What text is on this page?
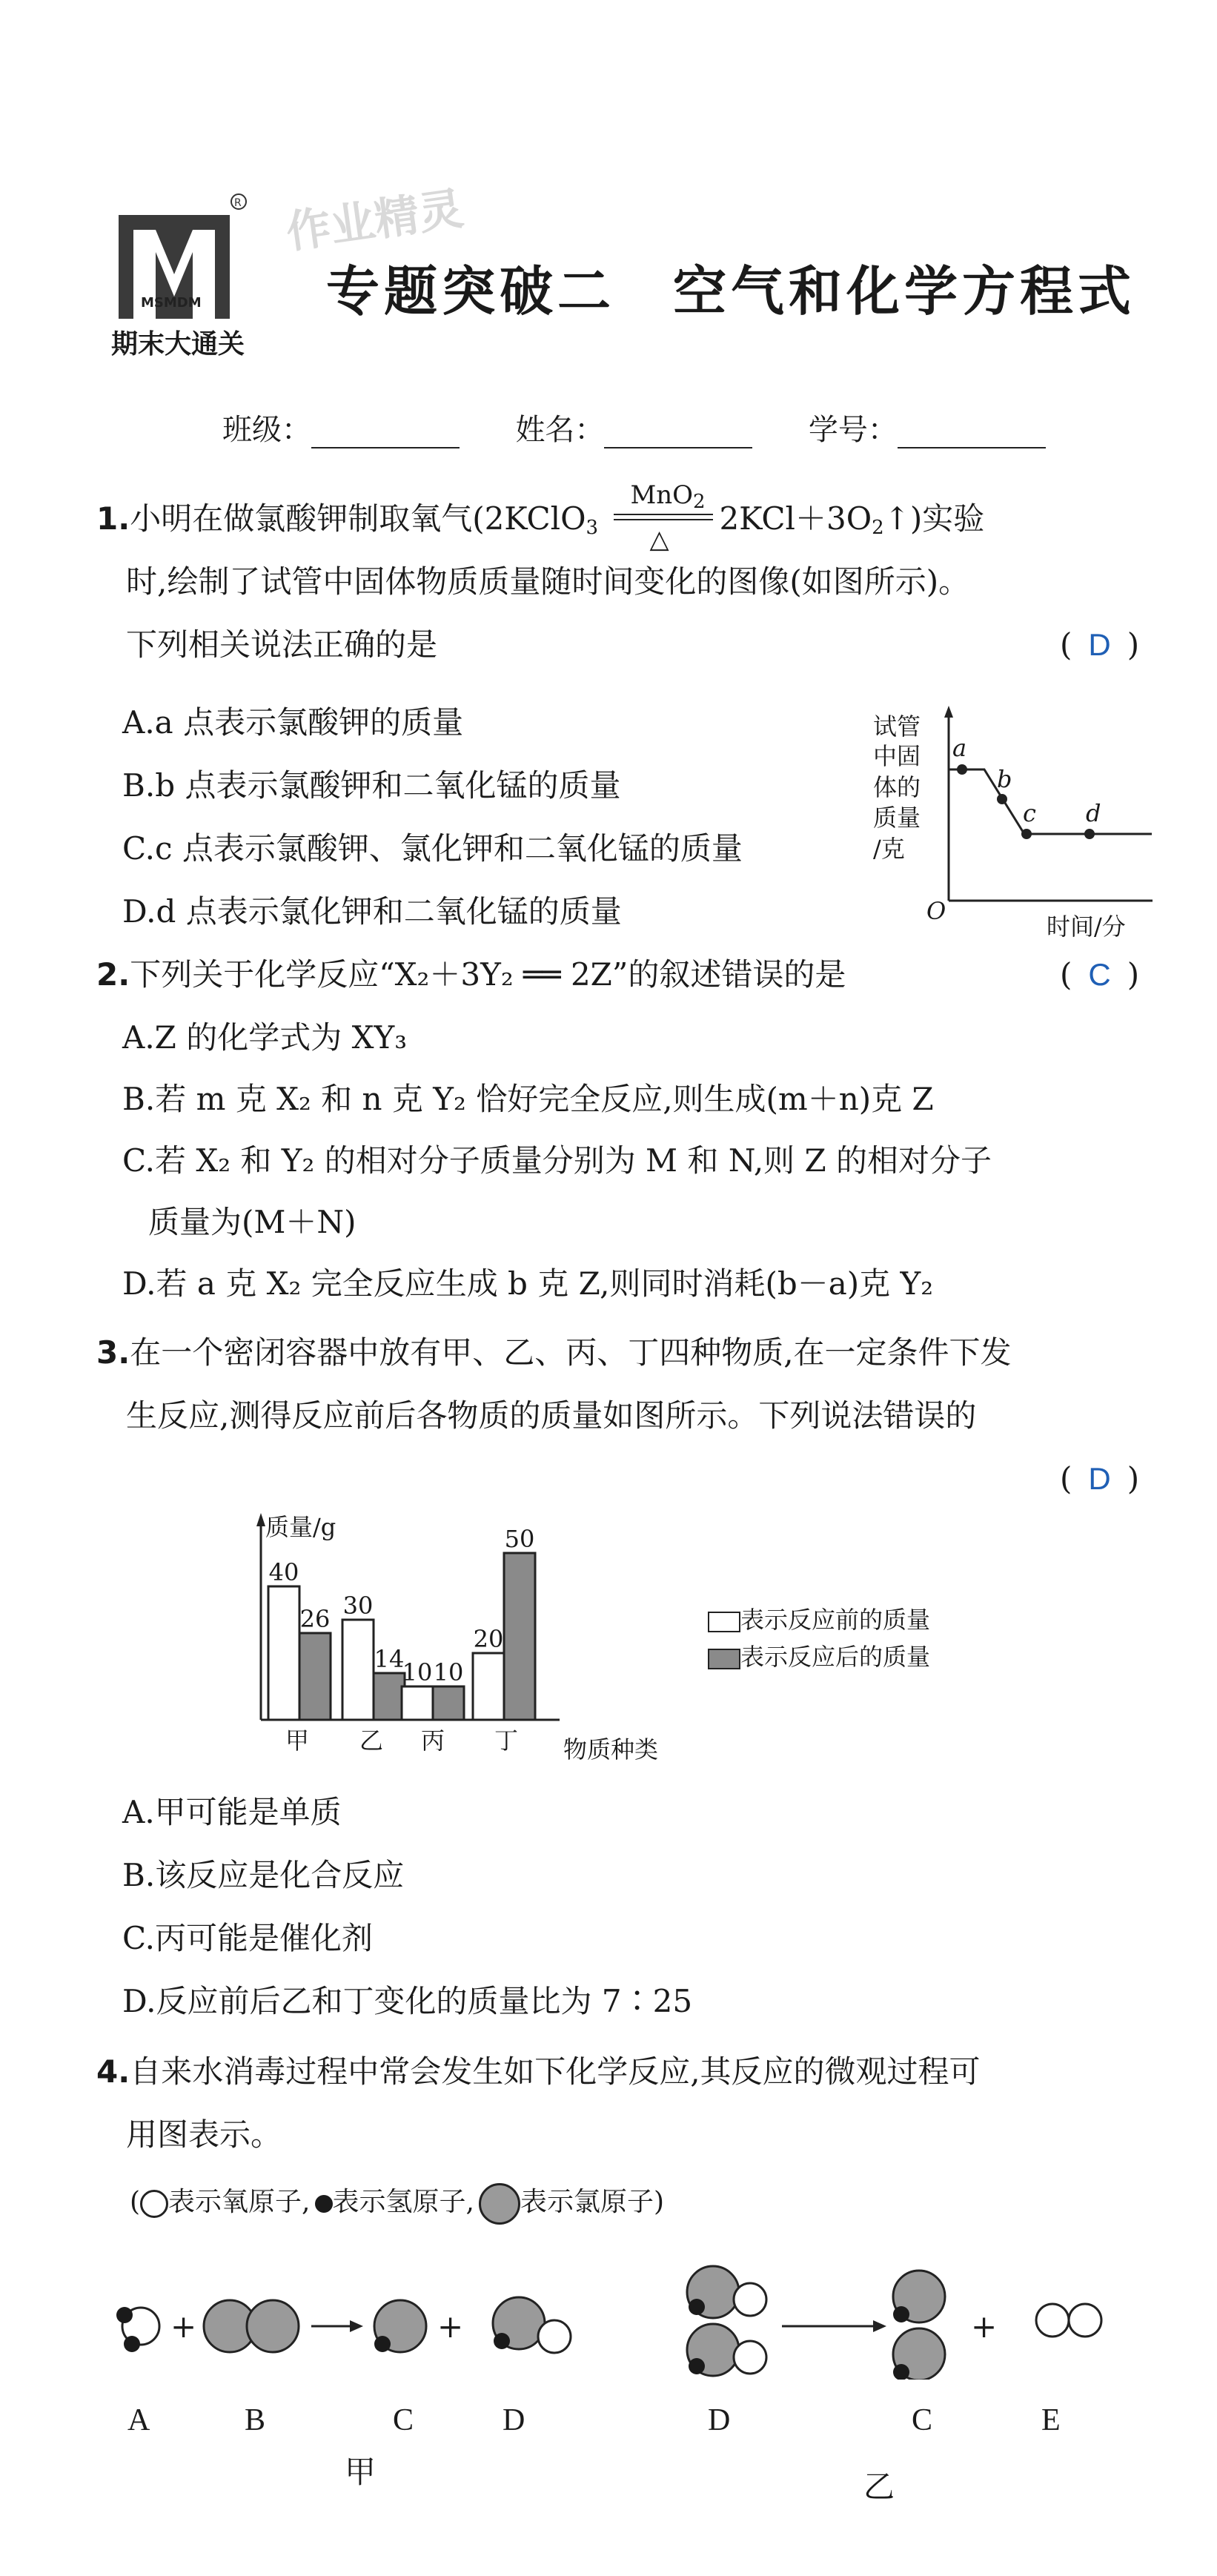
R
MSMDM
期末大通关
作业精灵
专题突破二　空气和化学方程式
班级：	姓名：	学号：
1.小明在做氯酸钾制取氧气(2KClO$_3$
MnO$_2$
△
$2KCl+3O_2↑$)实验
时,绘制了试管中固体物质质量随时间变化的图像(如图所示)。
下列相关说法正确的是	( D )
A.a 点表示氯酸钾的质量
B.b 点表示氯酸钾和二氧化锰的质量
C.c 点表示氯酸钾、氯化钾和二氧化锰的质量
D.d 点表示氯化钾和二氧化锰的质量
试管
中固
体的
质量
/克
a
b
c d
O
时间/分
2.下列关于化学反应“X₂＋3Y₂ ══ 2Z”的叙述错误的是	( C )
A.Z 的化学式为 XY₃
B.若 m 克 X₂ 和 n 克 Y₂ 恰好完全反应,则生成(m＋n)克 Z
C.若 X₂ 和 Y₂ 的相对分子质量分别为 M 和 N,则 Z 的相对分子
质量为(M＋N)
D.若 a 克 X₂ 完全反应生成 b 克 Z,则同时消耗(b－a)克 Y₂
3.在一个密闭容器中放有甲、乙、丙、丁四种物质,在一定条件下发
生反应,测得反应前后各物质的质量如图所示。下列说法错误的
( D )
40
26 30
14
10 10
20
50
质量/g
物质种类
甲 乙 丙 丁
表示反应前的质量
表示反应后的质量
A.甲可能是单质
B.该反应是化合反应
C.丙可能是催化剂
D.反应前后乙和丁变化的质量比为 7∶25
4.自来水消毒过程中常会发生如下化学反应,其反应的微观过程可
用图表示。
( 表示氧原子, 表示氢原子, 表示氯原子)
+	+	+
A	B	C	D	D	C	E
甲	乙
